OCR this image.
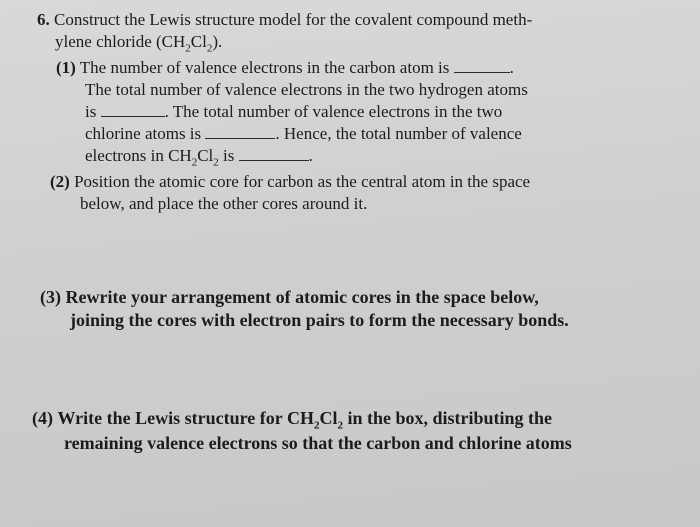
6. Construct the Lewis structure model for the covalent compound meth-
ylene chloride $(CH_2Cl_2)$.
(1) The number of valence electrons in the carbon atom is	.
The total number of valence electrons in the two hydrogen atoms
is	. The total number of valence electrons in the two
chlorine atoms is	. Hence, the total number of valence
electrons in $CH_2Cl_2$ is	.
(2) Position the atomic core for carbon as the central atom in the space
below, and place the other cores around it.
(3) Rewrite your arrangement of atomic cores in the space below,
joining the cores with electron pairs to form the necessary bonds.
(4) Write the Lewis structure for $CH_2Cl_2$ in the box, distributing the
remaining valence electrons so that the carbon and chlorine atoms
